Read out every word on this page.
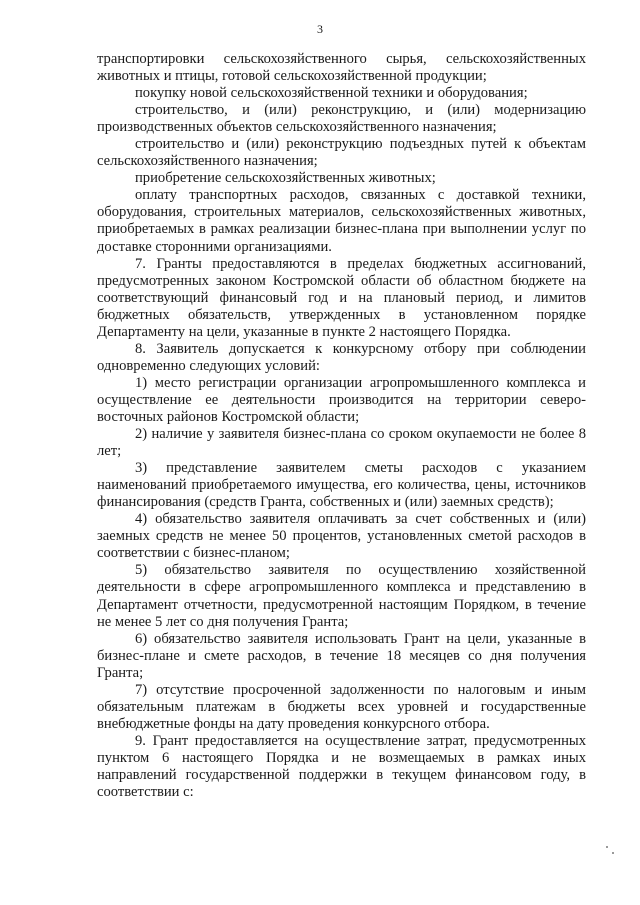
3

транспортировки сельскохозяйственного сырья, сельскохозяйственных животных и птицы, готовой сельскохозяйственной продукции;

покупку новой сельскохозяйственной техники и оборудования;

строительство, и (или) реконструкцию, и (или) модернизацию производственных объектов сельскохозяйственного назначения;

строительство и (или) реконструкцию подъездных путей к объектам сельскохозяйственного назначения;

приобретение сельскохозяйственных животных;

оплату транспортных расходов, связанных с доставкой техники, оборудования, строительных материалов, сельскохозяйственных животных, приобретаемых в рамках реализации бизнес-плана при выполнении услуг по доставке сторонними организациями.

7. Гранты предоставляются в пределах бюджетных ассигнований, предусмотренных законом Костромской области об областном бюджете на соответствующий финансовый год и на плановый период, и лимитов бюджетных обязательств, утвержденных в установленном порядке Департаменту на цели, указанные в пункте 2 настоящего Порядка.

8. Заявитель допускается к конкурсному отбору при соблюдении одновременно следующих условий:

1) место регистрации организации агропромышленного комплекса и осуществление ее деятельности производится на территории северо-восточных районов Костромской области;

2) наличие у заявителя бизнес-плана со сроком окупаемости не более 8 лет;

3) представление заявителем сметы расходов с указанием наименований приобретаемого имущества, его количества, цены, источников финансирования (средств Гранта, собственных и (или) заемных средств);

4) обязательство заявителя оплачивать за счет собственных и (или) заемных средств не менее 50 процентов, установленных сметой расходов в соответствии с бизнес-планом;

5) обязательство заявителя по осуществлению хозяйственной деятельности в сфере агропромышленного комплекса и представлению в Департамент отчетности, предусмотренной настоящим Порядком, в течение не менее 5 лет со дня получения Гранта;

6) обязательство заявителя использовать Грант на цели, указанные в бизнес-плане и смете расходов, в течение 18 месяцев со дня получения Гранта;

7) отсутствие просроченной задолженности по налоговым и иным обязательным платежам в бюджеты всех уровней и государственные внебюджетные фонды на дату проведения конкурсного отбора.

9. Грант предоставляется на осуществление затрат, предусмотренных пунктом 6 настоящего Порядка и не возмещаемых в рамках иных направлений государственной поддержки в текущем финансовом году, в соответствии с:
